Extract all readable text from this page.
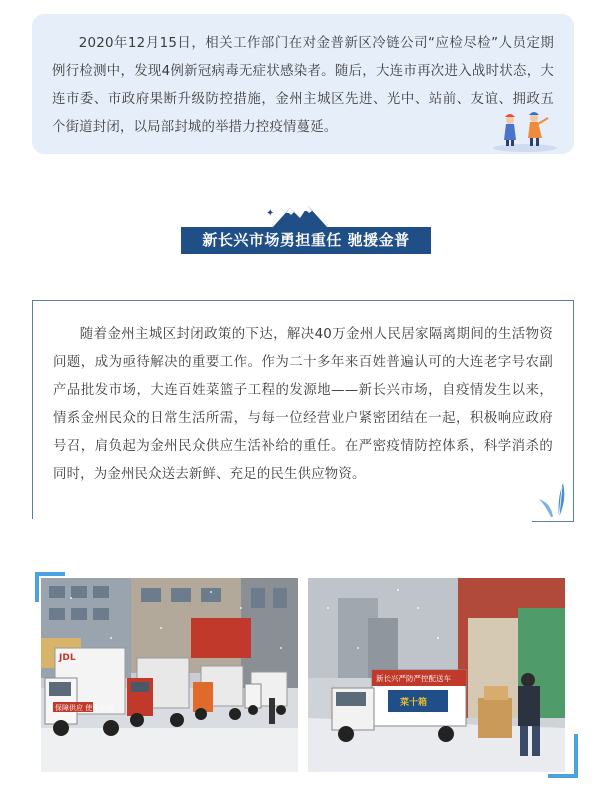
2020年12月15日，相关工作部门在对金普新区冷链公司“应检尽检”人员定期例行检测中，发现4例新冠病毒无症状感染者。随后，大连市再次进入战时状态，大连市委、市政府果断升级防控措施，金州主城区先进、光中、站前、友谊、拥政五个街道封闭，以局部封城的举措力控疫情蔓延。

✦
新长兴市场勇担重任 驰援金普

随着金州主城区封闭政策的下达，解决40万金州人民居家隔离期间的生活物资问题，成为亟待解决的重要工作。作为二十多年来百姓普遍认可的大连老字号农副产品批发市场，大连百姓菜篮子工程的发源地——新长兴市场，自疫情发生以来，情系金州民众的日常生活所需，与每一位经营业户紧密团结在一起，积极响应政府号召，肩负起为金州民众供应生活补给的重任。在严密疫情防控体系，科学消杀的同时，为金州民众送去新鲜、充足的民生供应物资。

JDL
保障供应 使命必达
新长兴严防严控配送车
菜十箱
